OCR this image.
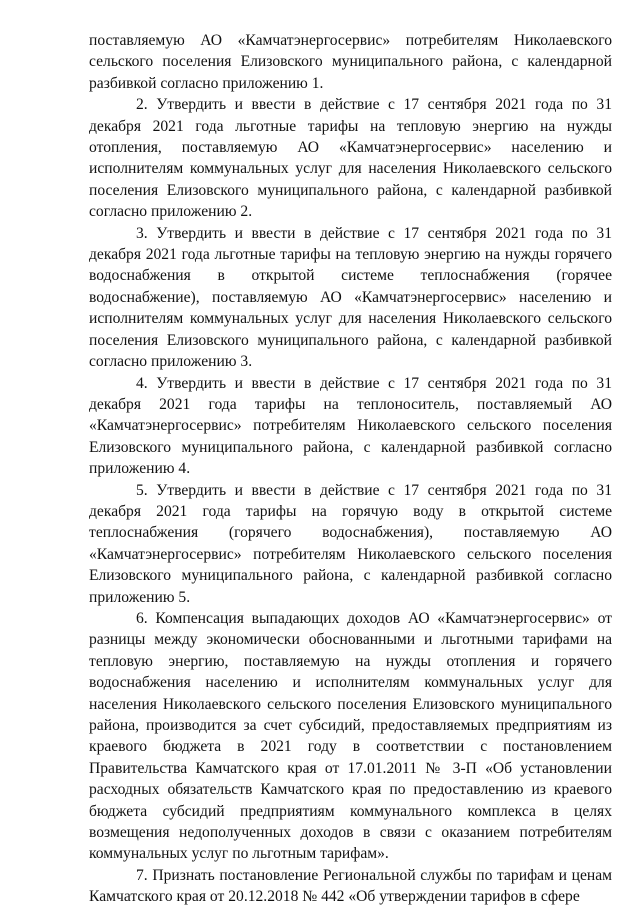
поставляемую АО «Камчатэнергосервис» потребителям Николаевского сельского поселения Елизовского муниципального района, с календарной разбивкой согласно приложению 1.

2. Утвердить и ввести в действие с 17 сентября 2021 года по 31 декабря 2021 года льготные тарифы на тепловую энергию на нужды отопления, поставляемую АО «Камчатэнергосервис» населению и исполнителям коммунальных услуг для населения Николаевского сельского поселения Елизовского муниципального района, с календарной разбивкой согласно приложению 2.

3. Утвердить и ввести в действие с 17 сентября 2021 года по 31 декабря 2021 года льготные тарифы на тепловую энергию на нужды горячего водоснабжения в открытой системе теплоснабжения (горячее водоснабжение), поставляемую АО «Камчатэнергосервис» населению и исполнителям коммунальных услуг для населения Николаевского сельского поселения Елизовского муниципального района, с календарной разбивкой согласно приложению 3.

4. Утвердить и ввести в действие с 17 сентября 2021 года по 31 декабря 2021 года тарифы на теплоноситель, поставляемый АО «Камчатэнергосервис» потребителям Николаевского сельского поселения Елизовского муниципального района, с календарной разбивкой согласно приложению 4.

5. Утвердить и ввести в действие с 17 сентября 2021 года по 31 декабря 2021 года тарифы на горячую воду в открытой системе теплоснабжения (горячего водоснабжения), поставляемую АО «Камчатэнергосервис» потребителям Николаевского сельского поселения Елизовского муниципального района, с календарной разбивкой согласно приложению 5.

6. Компенсация выпадающих доходов АО «Камчатэнергосервис» от разницы между экономически обоснованными и льготными тарифами на тепловую энергию, поставляемую на нужды отопления и горячего водоснабжения населению и исполнителям коммунальных услуг для населения Николаевского сельского поселения Елизовского муниципального района, производится за счет субсидий, предоставляемых предприятиям из краевого бюджета в 2021 году в соответствии с постановлением Правительства Камчатского края от 17.01.2011 № 3-П «Об установлении расходных обязательств Камчатского края по предоставлению из краевого бюджета субсидий предприятиям коммунального комплекса в целях возмещения недополученных доходов в связи с оказанием потребителям коммунальных услуг по льготным тарифам».

7. Признать постановление Региональной службы по тарифам и ценам Камчатского края от 20.12.2018 № 442 «Об утверждении тарифов в сфере
